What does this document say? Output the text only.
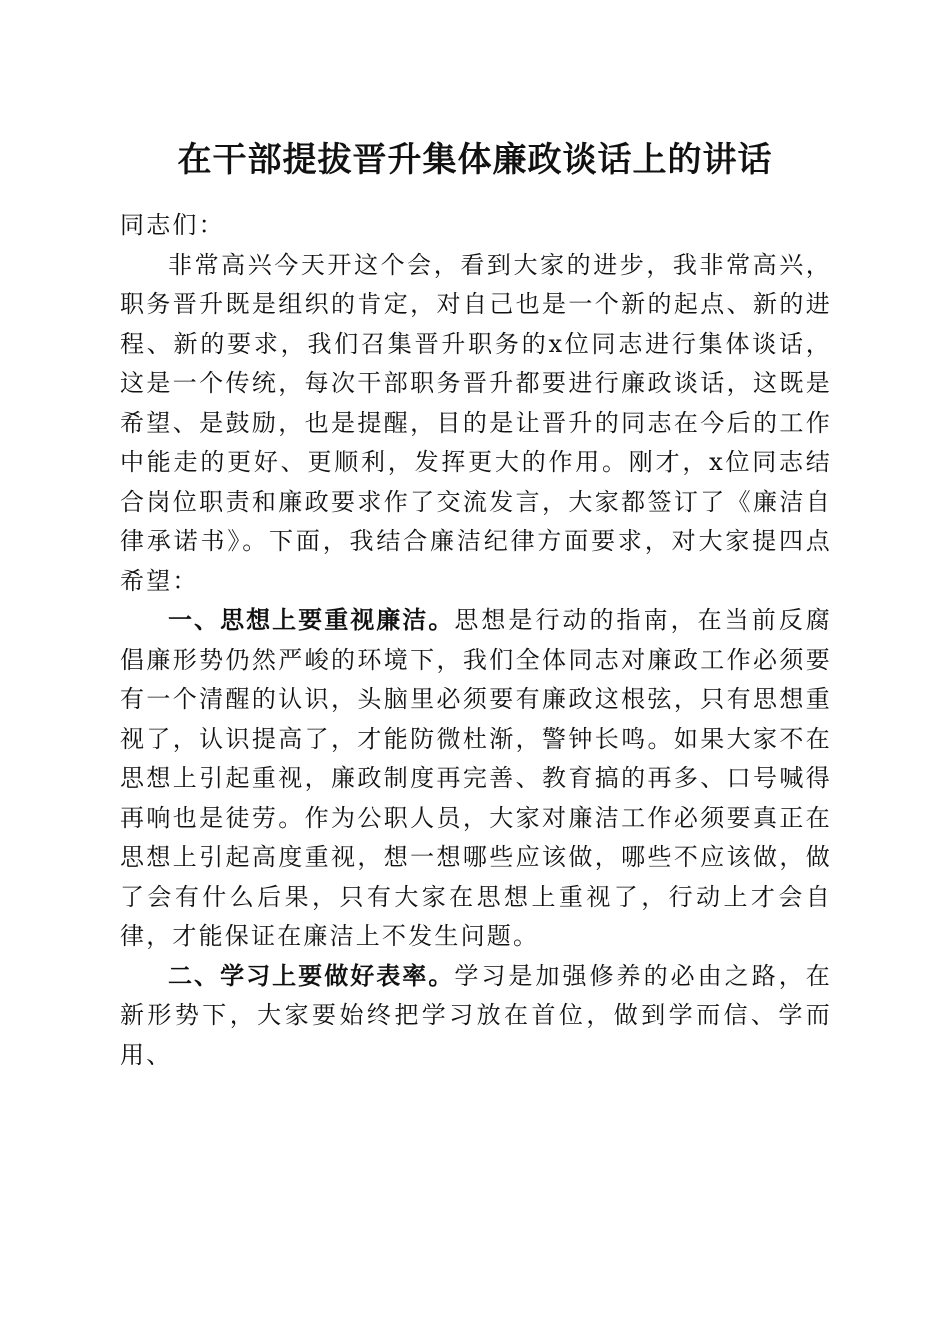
在干部提拔晋升集体廉政谈话上的讲话

同志们：

非常高兴今天开这个会，看到大家的进步，我非常高兴，职务晋升既是组织的肯定，对自己也是一个新的起点、新的进程、新的要求，我们召集晋升职务的x位同志进行集体谈话，这是一个传统，每次干部职务晋升都要进行廉政谈话，这既是希望、是鼓励，也是提醒，目的是让晋升的同志在今后的工作中能走的更好、更顺利，发挥更大的作用。刚才，x位同志结合岗位职责和廉政要求作了交流发言，大家都签订了《廉洁自律承诺书》。下面，我结合廉洁纪律方面要求，对大家提四点希望：

一、思想上要重视廉洁。思想是行动的指南，在当前反腐倡廉形势仍然严峻的环境下，我们全体同志对廉政工作必须要有一个清醒的认识，头脑里必须要有廉政这根弦，只有思想重视了，认识提高了，才能防微杜渐，警钟长鸣。如果大家不在思想上引起重视，廉政制度再完善、教育搞的再多、口号喊得再响也是徒劳。作为公职人员，大家对廉洁工作必须要真正在思想上引起高度重视，想一想哪些应该做，哪些不应该做，做了会有什么后果，只有大家在思想上重视了，行动上才会自律，才能保证在廉洁上不发生问题。

二、学习上要做好表率。学习是加强修养的必由之路，在新形势下，大家要始终把学习放在首位，做到学而信、学而用、
